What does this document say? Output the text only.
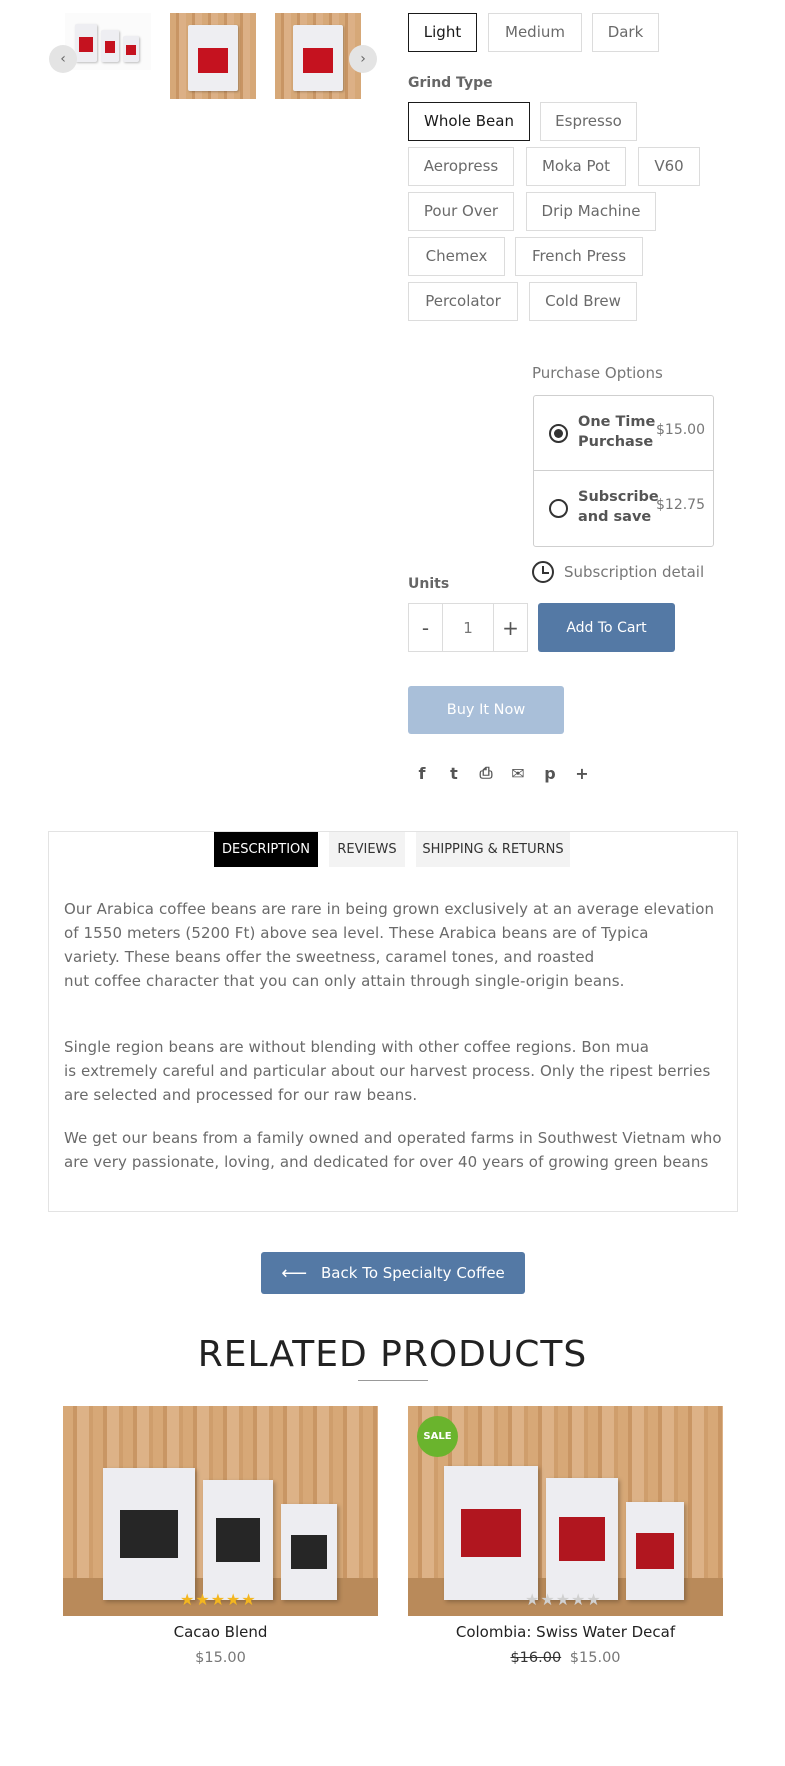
‹	›
Light	Medium	Dark
Grind Type
Whole Bean	Espresso
Aeropress	Moka Pot	V60
Pour Over	Drip Machine
Chemex	French Press
Percolator	Cold Brew
Purchase Options
One Time Purchase
$15.00
Subscribe and save
$12.75
Subscription detail
Units
-	1	+	Add To Cart
Buy It Now
f	t	⎙ ✉	p	+
DESCRIPTION	REVIEWS	SHIPPING & RETURNS
Our Arabica coffee beans are rare in being grown exclusively at an average elevation
of 1550 meters (5200 Ft) above sea level. These Arabica beans are of Typica
variety. These beans offer the sweetness, caramel tones, and roasted
nut coffee character that you can only attain through single-origin beans.
Single region beans are without blending with other coffee regions. Bon mua
is extremely careful and particular about our harvest process. Only the ripest berries
are selected and processed for our raw beans.
We get our beans from a family owned and operated farms in Southwest Vietnam who
are very passionate, loving, and dedicated for over 40 years of growing green beans
⟵ Back To Specialty Coffee
RELATED PRODUCTS
★★★★★
Cacao Blend
$15.00
SALE
★★★★★
Colombia: Swiss Water Decaf
$16.00 $15.00
